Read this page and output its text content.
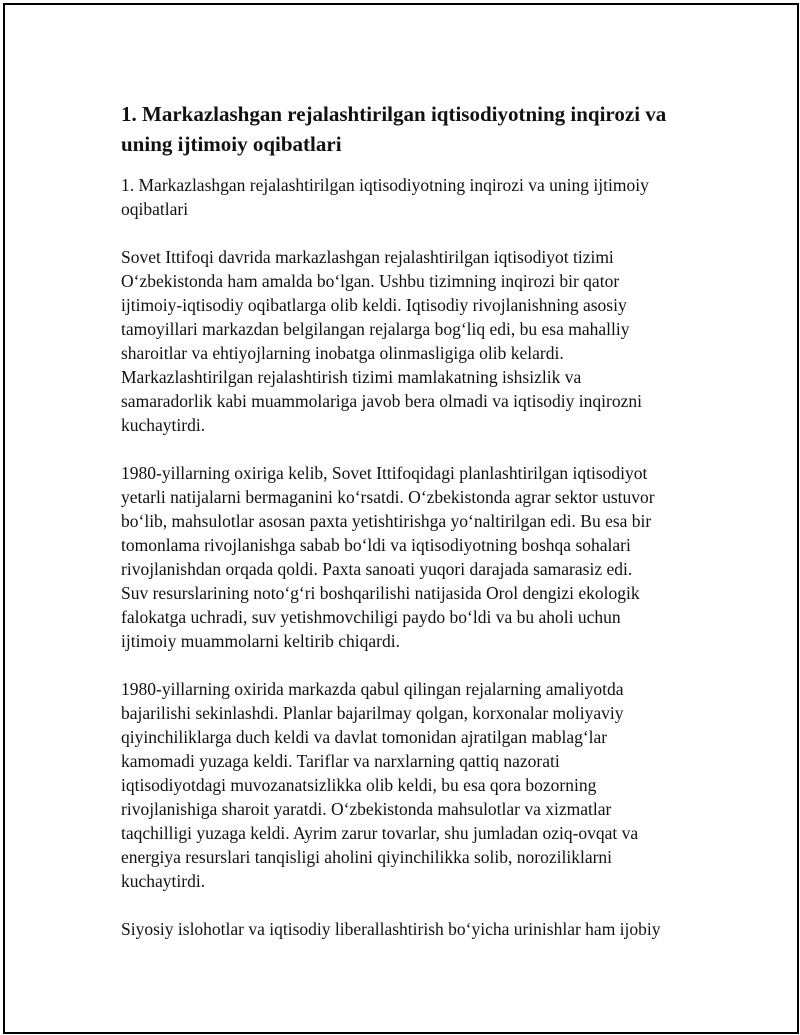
1. Markazlashgan rejalashtirilgan iqtisodiyotning inqirozi va uning ijtimoiy oqibatlari

1. Markazlashgan rejalashtirilgan iqtisodiyotning inqirozi va uning ijtimoiy
oqibatlari

Sovet Ittifoqi davrida markazlashgan rejalashtirilgan iqtisodiyot tizimi
O‘zbekistonda ham amalda bo‘lgan. Ushbu tizimning inqirozi bir qator
ijtimoiy-iqtisodiy oqibatlarga olib keldi. Iqtisodiy rivojlanishning asosiy
tamoyillari markazdan belgilangan rejalarga bog‘liq edi, bu esa mahalliy
sharoitlar va ehtiyojlarning inobatga olinmasligiga olib kelardi.
Markazlashtirilgan rejalashtirish tizimi mamlakatning ishsizlik va
samaradorlik kabi muammolariga javob bera olmadi va iqtisodiy inqirozni
kuchaytirdi.

1980-yillarning oxiriga kelib, Sovet Ittifoqidagi planlashtirilgan iqtisodiyot
yetarli natijalarni bermaganini ko‘rsatdi. O‘zbekistonda agrar sektor ustuvor
bo‘lib, mahsulotlar asosan paxta yetishtirishga yo‘naltirilgan edi. Bu esa bir
tomonlama rivojlanishga sabab bo‘ldi va iqtisodiyotning boshqa sohalari
rivojlanishdan orqada qoldi. Paxta sanoati yuqori darajada samarasiz edi.
Suv resurslarining noto‘g‘ri boshqarilishi natijasida Orol dengizi ekologik
falokatga uchradi, suv yetishmovchiligi paydo bo‘ldi va bu aholi uchun
ijtimoiy muammolarni keltirib chiqardi.

1980-yillarning oxirida markazda qabul qilingan rejalarning amaliyotda
bajarilishi sekinlashdi. Planlar bajarilmay qolgan, korxonalar moliyaviy
qiyinchiliklarga duch keldi va davlat tomonidan ajratilgan mablag‘lar
kamomadi yuzaga keldi. Tariflar va narxlarning qattiq nazorati
iqtisodiyotdagi muvozanatsizlikka olib keldi, bu esa qora bozorning
rivojlanishiga sharoit yaratdi. O‘zbekistonda mahsulotlar va xizmatlar
taqchilligi yuzaga keldi. Ayrim zarur tovarlar, shu jumladan oziq-ovqat va
energiya resurslari tanqisligi aholini qiyinchilikka solib, noroziliklarni
kuchaytirdi.

Siyosiy islohotlar va iqtisodiy liberallashtirish bo‘yicha urinishlar ham ijobiy
